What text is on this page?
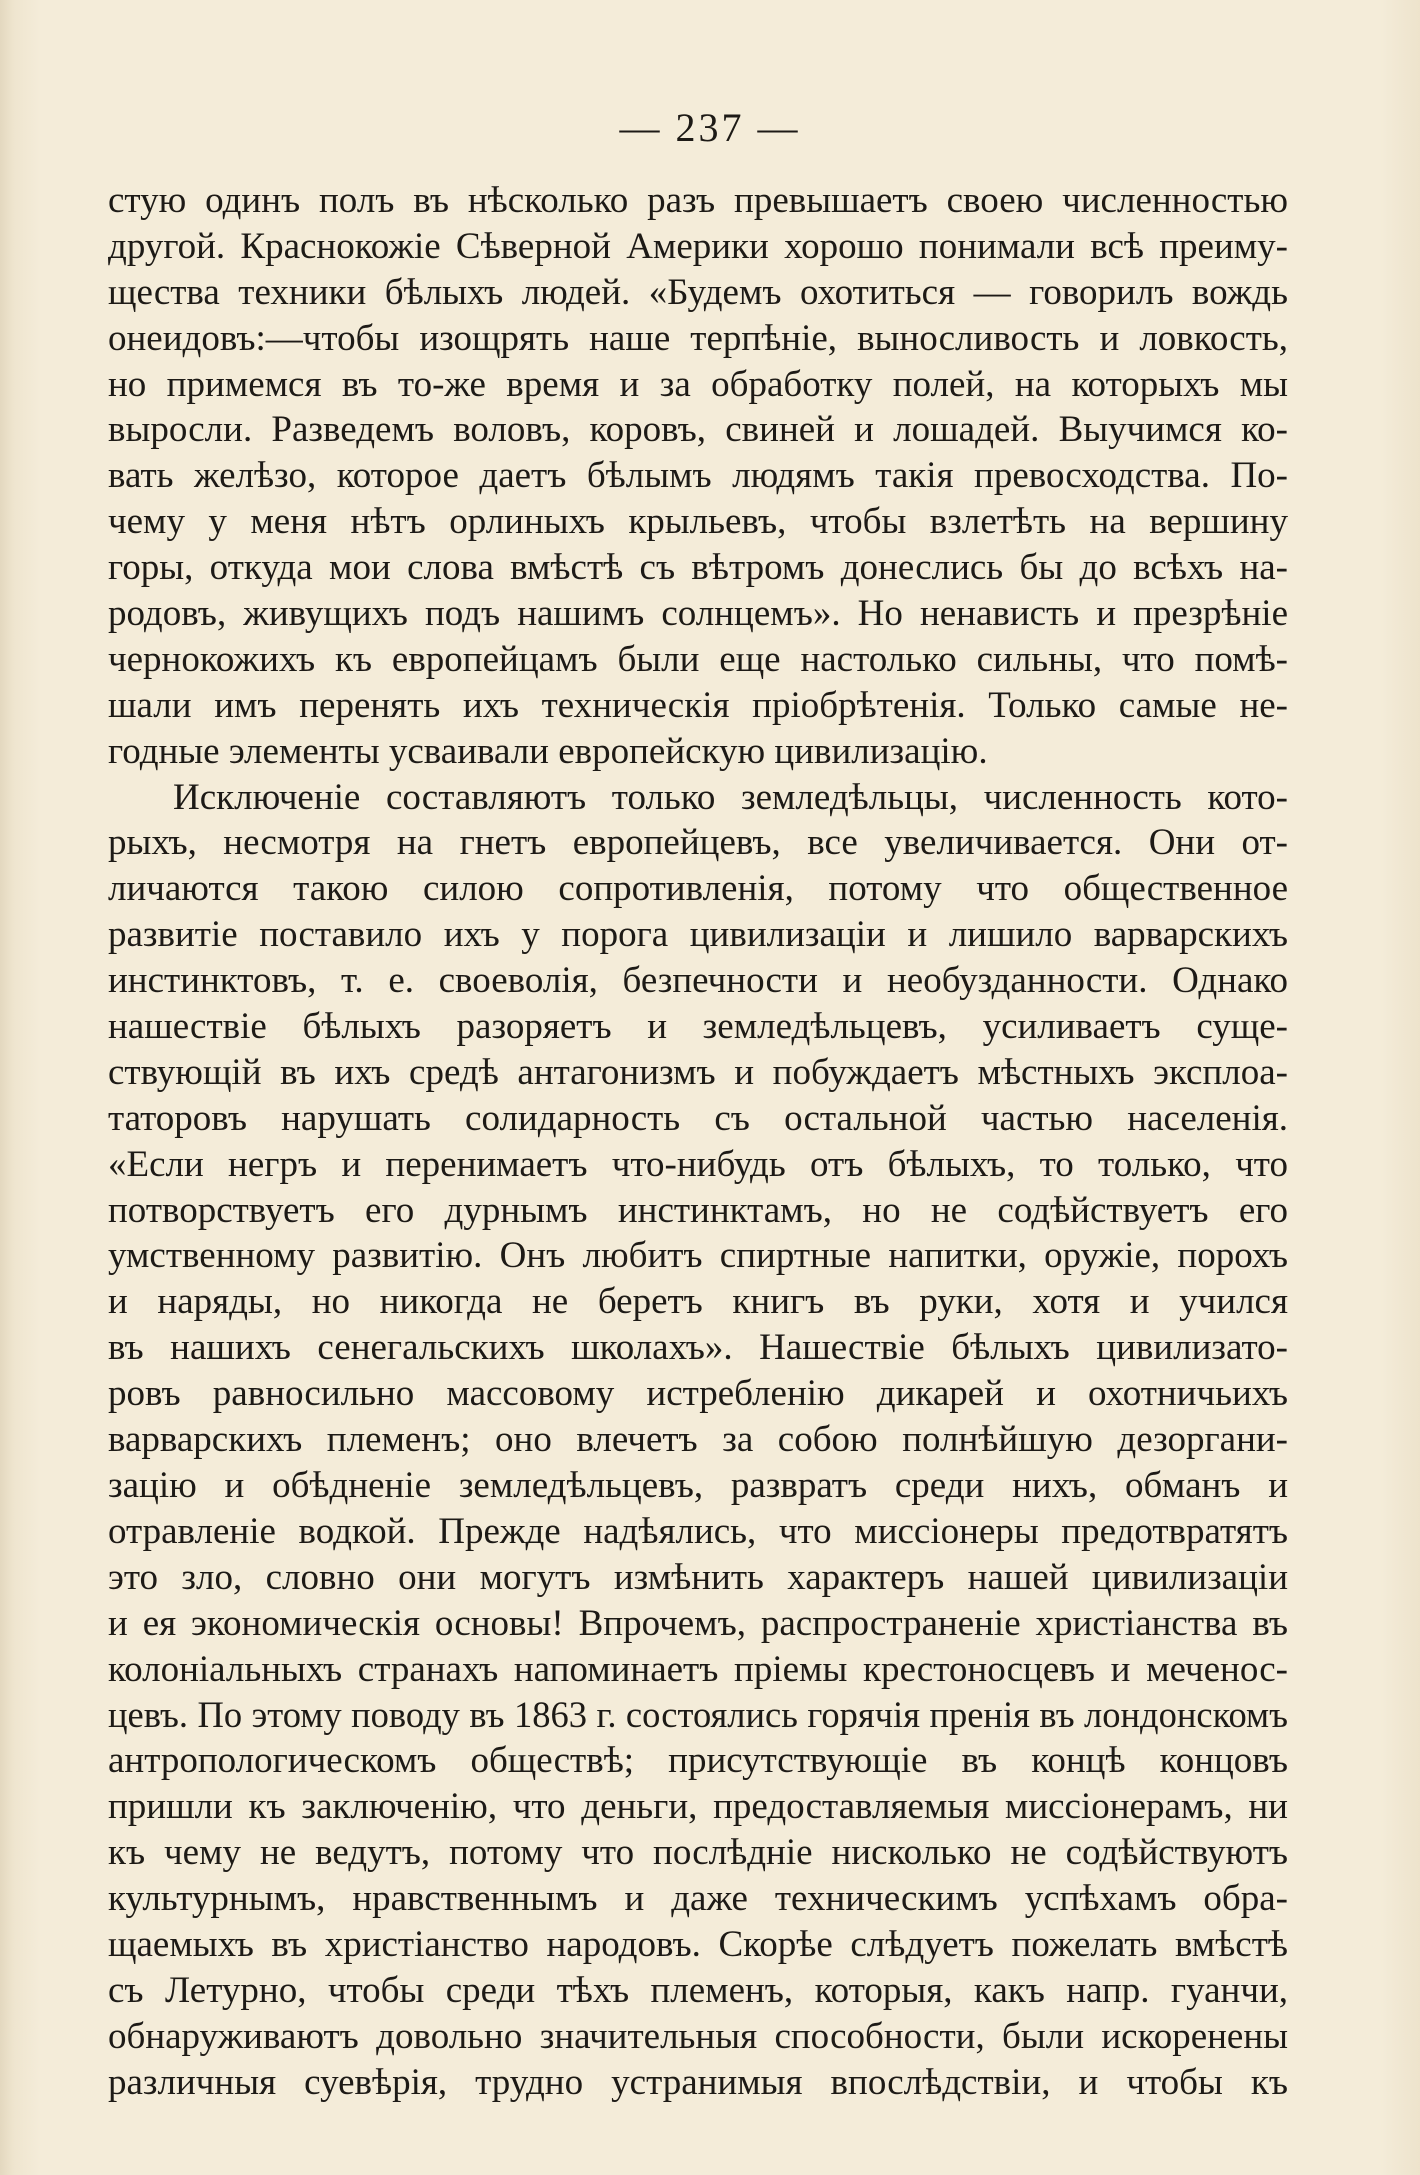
— 237 —
стую одинъ полъ въ нѣсколько разъ превышаетъ своею численностью
другой. Краснокожіе Сѣверной Америки хорошо понимали всѣ преиму-
щества техники бѣлыхъ людей. «Будемъ охотиться — говорилъ вождь
онеидовъ:—чтобы изощрять наше терпѣніе, выносливость и ловкость,
но примемся въ то-же время и за обработку полей, на которыхъ мы
выросли. Разведемъ воловъ, коровъ, свиней и лошадей. Выучимся ко-
вать желѣзо, которое даетъ бѣлымъ людямъ такія превосходства. По-
чему у меня нѣтъ орлиныхъ крыльевъ, чтобы взлетѣть на вершину
горы, откуда мои слова вмѣстѣ съ вѣтромъ донеслись бы до всѣхъ на-
родовъ, живущихъ подъ нашимъ солнцемъ». Но ненависть и презрѣніе
чернокожихъ къ европейцамъ были еще настолько сильны, что помѣ-
шали имъ перенять ихъ техническія пріобрѣтенія. Только самые не-
годные элементы усваивали европейскую цивилизацію.
Исключеніе составляютъ только земледѣльцы, численность кото-
рыхъ, несмотря на гнетъ европейцевъ, все увеличивается. Они от-
личаются такою силою сопротивленія, потому что общественное
развитіе поставило ихъ у порога цивилизаціи и лишило варварскихъ
инстинктовъ, т. е. своеволія, безпечности и необузданности. Однако
нашествіе бѣлыхъ разоряетъ и земледѣльцевъ, усиливаетъ суще-
ствующій въ ихъ средѣ антагонизмъ и побуждаетъ мѣстныхъ эксплоа-
таторовъ нарушать солидарность съ остальной частью населенія.
«Если негръ и перенимаетъ что-нибудь отъ бѣлыхъ, то только, что
потворствуетъ его дурнымъ инстинктамъ, но не содѣйствуетъ его
умственному развитію. Онъ любитъ спиртные напитки, оружіе, порохъ
и наряды, но никогда не беретъ книгъ въ руки, хотя и учился
въ нашихъ сенегальскихъ школахъ». Нашествіе бѣлыхъ цивилизато-
ровъ равносильно массовому истребленію дикарей и охотничьихъ
варварскихъ племенъ; оно влечетъ за собою полнѣйшую дезоргани-
зацію и обѣдненіе земледѣльцевъ, развратъ среди нихъ, обманъ и
отравленіе водкой. Прежде надѣялись, что миссіонеры предотвратятъ
это зло, словно они могутъ измѣнить характеръ нашей цивилизаціи
и ея экономическія основы! Впрочемъ, распространеніе христіанства въ
колоніальныхъ странахъ напоминаетъ пріемы крестоносцевъ и меченос-
цевъ. По этому поводу въ 1863 г. состоялись горячія пренія въ лондонскомъ
антропологическомъ обществѣ; присутствующіе въ концѣ концовъ
пришли къ заключенію, что деньги, предоставляемыя миссіонерамъ, ни
къ чему не ведутъ, потому что послѣдніе нисколько не содѣйствуютъ
культурнымъ, нравственнымъ и даже техническимъ успѣхамъ обра-
щаемыхъ въ христіанство народовъ. Скорѣе слѣдуетъ пожелать вмѣстѣ
съ Летурно, чтобы среди тѣхъ племенъ, которыя, какъ напр. гуанчи,
обнаруживаютъ довольно значительныя способности, были искоренены
различныя суевѣрія, трудно устранимыя впослѣдствіи, и чтобы къ
